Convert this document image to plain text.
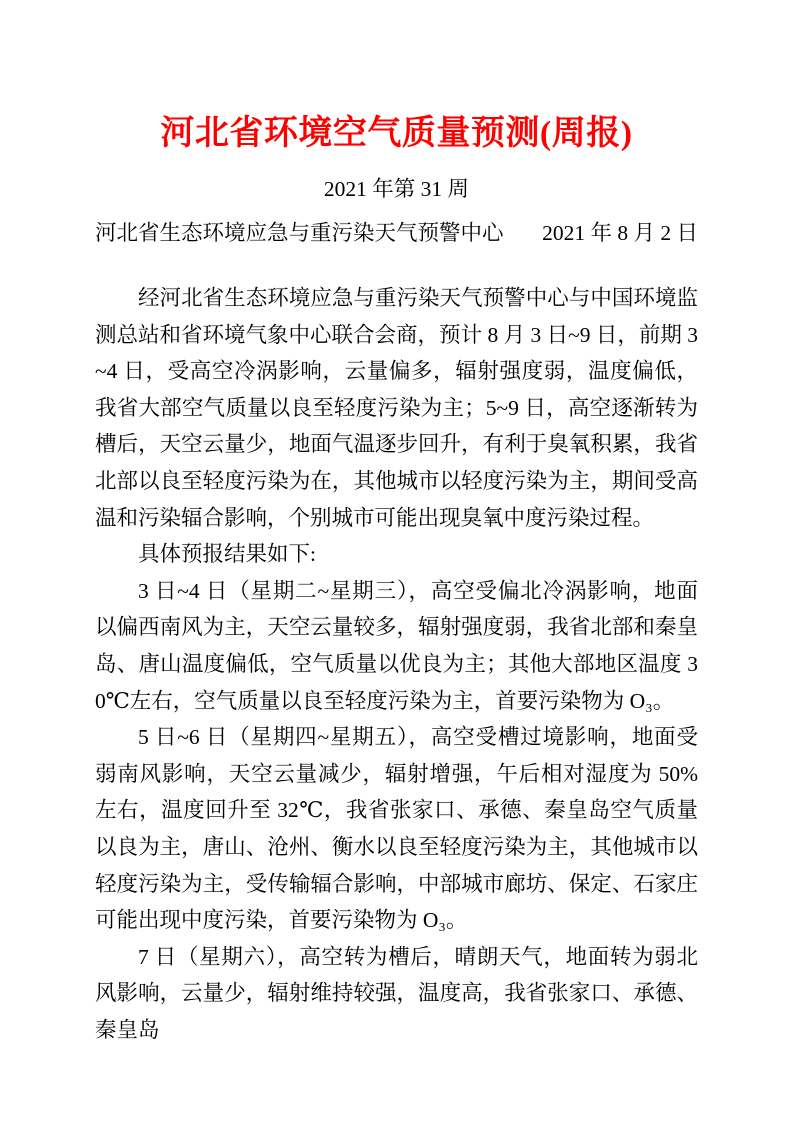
河北省环境空气质量预测(周报)
2021 年第 31 周
河北省生态环境应急与重污染天气预警中心 2021 年 8 月 2 日

经河北省生态环境应急与重污染天气预警中心与中国环境监测总站和省环境气象中心联合会商，预计 8 月 3 日~9 日，前期 3~4 日，受高空冷涡影响，云量偏多，辐射强度弱，温度偏低，我省大部空气质量以良至轻度污染为主；5~9 日，高空逐渐转为槽后，天空云量少，地面气温逐步回升，有利于臭氧积累，我省北部以良至轻度污染为在，其他城市以轻度污染为主，期间受高温和污染辐合影响，个别城市可能出现臭氧中度污染过程。

具体预报结果如下:

3 日~4 日（星期二~星期三），高空受偏北冷涡影响，地面以偏西南风为主，天空云量较多，辐射强度弱，我省北部和秦皇岛、唐山温度偏低，空气质量以优良为主；其他大部地区温度 30℃左右，空气质量以良至轻度污染为主，首要污染物为 O₃。

5 日~6 日（星期四~星期五），高空受槽过境影响，地面受弱南风影响，天空云量减少，辐射增强，午后相对湿度为 50%左右，温度回升至 32℃，我省张家口、承德、秦皇岛空气质量以良为主，唐山、沧州、衡水以良至轻度污染为主，其他城市以轻度污染为主，受传输辐合影响，中部城市廊坊、保定、石家庄可能出现中度污染，首要污染物为 O₃。

7 日（星期六），高空转为槽后，晴朗天气，地面转为弱北风影响，云量少，辐射维持较强，温度高，我省张家口、承德、秦皇岛
